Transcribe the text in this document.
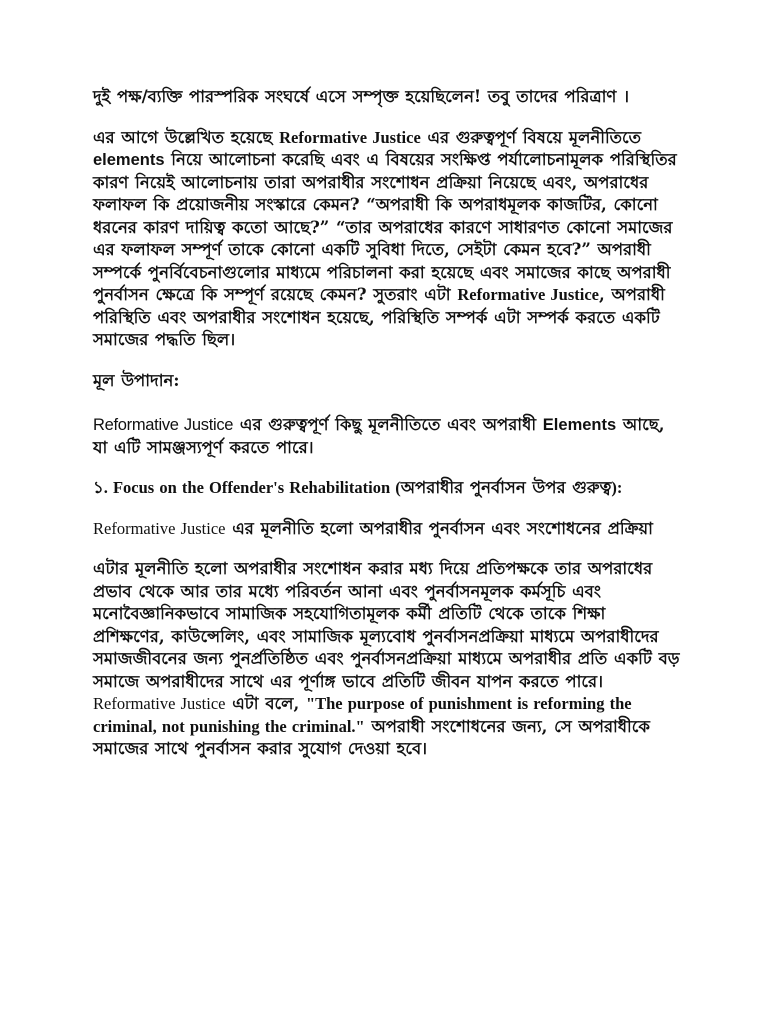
দুই পক্ষ/ব্যক্তি পারস্পরিক সংঘর্ষে এসে সম্পৃক্ত হয়েছিলেন! তবু তাদের পরিত্রাণ ।

এর আগে উল্লেখিত হয়েছে Reformative Justice এর গুরুত্বপূর্ণ বিষয়ে মূলনীতিতে elements নিয়ে আলোচনা করেছি এবং এ বিষয়ের সংক্ষিপ্ত পর্যালোচনামূলক পরিস্থিতির কারণ নিয়েই আলোচনায় তারা অপরাধীর সংশোধন প্রক্রিয়া নিয়েছে এবং, অপরাধের ফলাফল কি প্রয়োজনীয় সংস্কারে কেমন? “অপরাধী কি অপরাধমূলক কাজটির, কোনো ধরনের কারণ দায়িত্ব কতো আছে?” “তার অপরাধের কারণে সাধারণত কোনো সমাজের এর ফলাফল সম্পূর্ণ তাকে কোনো একটি সুবিধা দিতে, সেইটা কেমন হবে?” অপরাধী সম্পর্কে পুনর্বিবেচনাগুলোর মাধ্যমে পরিচালনা করা হয়েছে এবং সমাজের কাছে অপরাধী পুনর্বাসন ক্ষেত্রে কি সম্পূর্ণ রয়েছে কেমন? সুতরাং এটা Reformative Justice, অপরাধী পরিস্থিতি এবং অপরাধীর সংশোধন হয়েছে, পরিস্থিতি সম্পর্ক এটা সম্পর্ক করতে একটি সমাজের পদ্ধতি ছিল।

মূল উপাদান:

Reformative Justice এর গুরুত্বপূর্ণ কিছু মূলনীতিতে এবং অপরাধী Elements আছে, যা এটি সামঞ্জস্যপূর্ণ করতে পারে।

১. Focus on the Offender's Rehabilitation (অপরাধীর পুনর্বাসন উপর গুরুত্ব):

Reformative Justice এর মূলনীতি হলো অপরাধীর পুনর্বাসন এবং সংশোধনের প্রক্রিয়া

এটার মূলনীতি হলো অপরাধীর সংশোধন করার মধ্য দিয়ে প্রতিপক্ষকে তার অপরাধের প্রভাব থেকে আর তার মধ্যে পরিবর্তন আনা এবং পুনর্বাসনমূলক কর্মসূচি এবং মনোবৈজ্ঞানিকভাবে সামাজিক সহযোগিতামূলক কর্মী প্রতিটি থেকে তাকে শিক্ষা প্রশিক্ষণের, কাউন্সেলিং, এবং সামাজিক মূল্যবোধ পুনর্বাসনপ্রক্রিয়া মাধ্যমে অপরাধীদের সমাজজীবনের জন্য পুনর্প্রতিষ্ঠিত এবং পুনর্বাসনপ্রক্রিয়া মাধ্যমে অপরাধীর প্রতি একটি বড় সমাজে অপরাধীদের সাথে এর পূর্ণাঙ্গ ভাবে প্রতিটি জীবন যাপন করতে পারে।

Reformative Justice এটা বলে, "The purpose of punishment is reforming the criminal, not punishing the criminal." অপরাধী সংশোধনের জন্য, সে অপরাধীকে সমাজের সাথে পুনর্বাসন করার সুযোগ দেওয়া হবে।
